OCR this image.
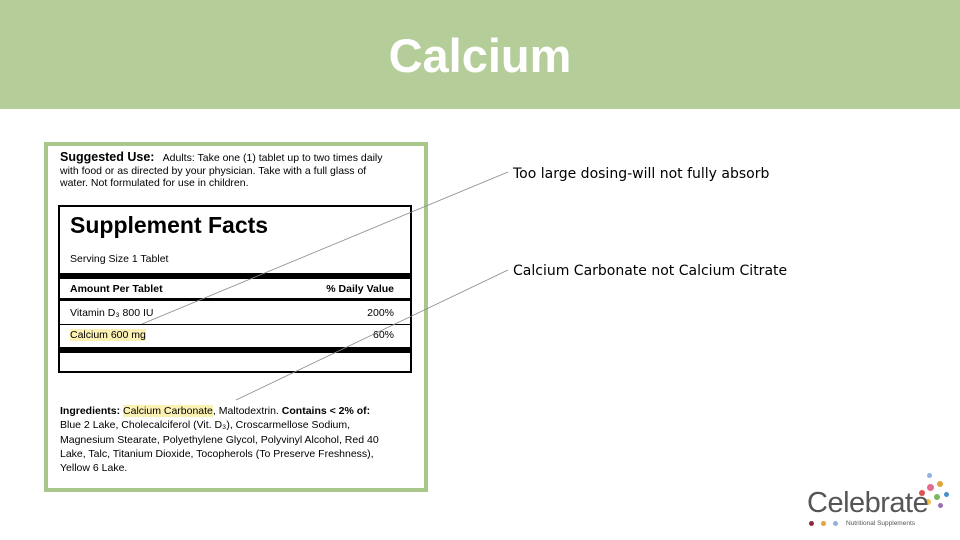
Calcium
Suggested Use: Adults: Take one (1) tablet up to two times daily
with food or as directed by your physician. Take with a full glass of
water. Not formulated for use in children.
Supplement Facts
Serving Size 1 Tablet
Amount Per Tablet	% Daily Value
Vitamin D₃ 800 IU	200%
Calcium 600 mg	60%
Ingredients: Calcium Carbonate, Maltodextrin. Contains < 2% of:
Blue 2 Lake, Cholecalciferol (Vit. D₃), Croscarmellose Sodium,
Magnesium Stearate, Polyethylene Glycol, Polyvinyl Alcohol, Red 40
Lake, Talc, Titanium Dioxide, Tocopherols (To Preserve Freshness),
Yellow 6 Lake.
Too large dosing-will not fully absorb
Calcium Carbonate not Calcium Citrate
Celebrate
Nutritional Supplements
